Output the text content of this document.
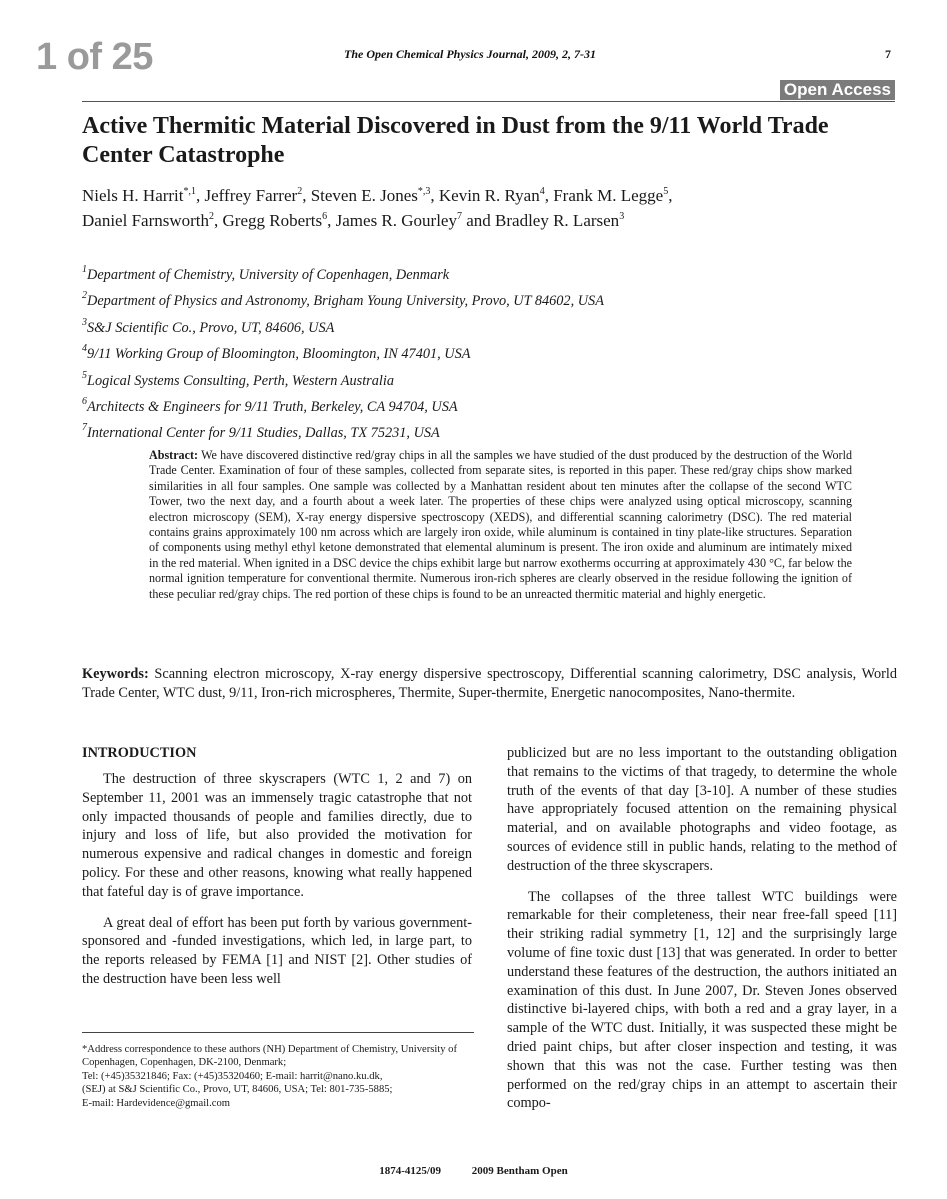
1 of 25	The Open Chemical Physics Journal, 2009, 2, 7-31	7
Open Access
Active Thermitic Material Discovered in Dust from the 9/11 World Trade Center Catastrophe
Niels H. Harrit$^{*,1}$, Jeffrey Farrer$^2$, Steven E. Jones$^{*,3}$, Kevin R. Ryan$^4$, Frank M. Legge$^5$,
Daniel Farnsworth$^2$, Gregg Roberts$^6$, James R. Gourley$^7$ and Bradley R. Larsen$^3$
$^1$Department of Chemistry, University of Copenhagen, Denmark
$^2$Department of Physics and Astronomy, Brigham Young University, Provo, UT 84602, USA
$^3$S&J Scientific Co., Provo, UT, 84606, USA
$^4$9/11 Working Group of Bloomington, Bloomington, IN 47401, USA
$^5$Logical Systems Consulting, Perth, Western Australia
$^6$Architects & Engineers for 9/11 Truth, Berkeley, CA 94704, USA
$^7$International Center for 9/11 Studies, Dallas, TX 75231, USA

Abstract: We have discovered distinctive red/gray chips in all the samples we have studied of the dust produced by the destruction of the World Trade Center. Examination of four of these samples, collected from separate sites, is reported in this paper. These red/gray chips show marked similarities in all four samples. One sample was collected by a Manhattan resident about ten minutes after the collapse of the second WTC Tower, two the next day, and a fourth about a week later. The properties of these chips were analyzed using optical microscopy, scanning electron microscopy (SEM), X-ray energy dispersive spectroscopy (XEDS), and differential scanning calorimetry (DSC). The red material contains grains approximately 100 nm across which are largely iron oxide, while aluminum is contained in tiny plate-like structures. Separation of components using methyl ethyl ketone demonstrated that elemental aluminum is present. The iron oxide and aluminum are intimately mixed in the red material. When ignited in a DSC device the chips exhibit large but narrow exotherms occurring at approximately 430 °C, far below the normal ignition temperature for conventional thermite. Numerous iron-rich spheres are clearly observed in the residue following the ignition of these peculiar red/gray chips. The red portion of these chips is found to be an unreacted thermitic material and highly energetic.

Keywords: Scanning electron microscopy, X-ray energy dispersive spectroscopy, Differential scanning calorimetry, DSC analysis, World Trade Center, WTC dust, 9/11, Iron-rich microspheres, Thermite, Super-thermite, Energetic nanocomposites, Nano-thermite.

INTRODUCTION

The destruction of three skyscrapers (WTC 1, 2 and 7) on September 11, 2001 was an immensely tragic catastrophe that not only impacted thousands of people and families directly, due to injury and loss of life, but also provided the motivation for numerous expensive and radical changes in domestic and foreign policy. For these and other reasons, knowing what really happened that fateful day is of grave importance.

A great deal of effort has been put forth by various government-sponsored and -funded investigations, which led, in large part, to the reports released by FEMA [1] and NIST [2]. Other studies of the destruction have been less well

publicized but are no less important to the outstanding obligation that remains to the victims of that tragedy, to determine the whole truth of the events of that day [3-10]. A number of these studies have appropriately focused attention on the remaining physical material, and on available photographs and video footage, as sources of evidence still in public hands, relating to the method of destruction of the three skyscrapers.

The collapses of the three tallest WTC buildings were remarkable for their completeness, their near free-fall speed [11] their striking radial symmetry [1, 12] and the surprisingly large volume of fine toxic dust [13] that was generated. In order to better understand these features of the destruction, the authors initiated an examination of this dust. In June 2007, Dr. Steven Jones observed distinctive bi-layered chips, with both a red and a gray layer, in a sample of the WTC dust. Initially, it was suspected these might be dried paint chips, but after closer inspection and testing, it was shown that this was not the case. Further testing was then performed on the red/gray chips in an attempt to ascertain their compo-

*Address correspondence to these authors (NH) Department of Chemistry, University of Copenhagen, Copenhagen, DK-2100, Denmark;
Tel: (+45)35321846; Fax: (+45)35320460; E-mail: harrit@nano.ku.dk,
(SEJ) at S&J Scientific Co., Provo, UT, 84606, USA; Tel: 801-735-5885;
E-mail: Hardevidence@gmail.com
1874-4125/09	2009 Bentham Open
